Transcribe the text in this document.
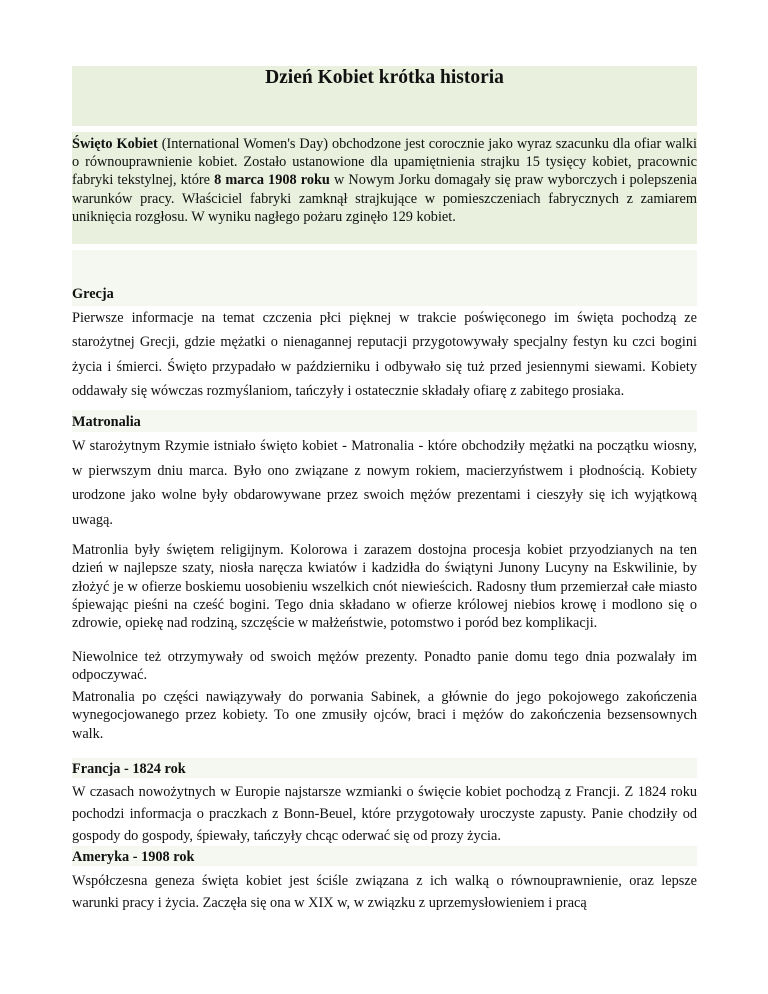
Dzień Kobiet krótka historia

Święto Kobiet (International Women's Day) obchodzone jest corocznie jako wyraz szacunku dla ofiar walki o równouprawnienie kobiet. Zostało ustanowione dla upamiętnienia strajku 15 tysięcy kobiet, pracownic fabryki tekstylnej, które 8 marca 1908 roku w Nowym Jorku domagały się praw wyborczych i polepszenia warunków pracy. Właściciel fabryki zamknął strajkujące w pomieszczeniach fabrycznych z zamiarem uniknięcia rozgłosu. W wyniku nagłego pożaru zginęło 129 kobiet.

Grecja

Pierwsze informacje na temat czczenia płci pięknej w trakcie poświęconego im święta pochodzą ze starożytnej Grecji, gdzie mężatki o nienagannej reputacji przygotowywały specjalny festyn ku czci bogini życia i śmierci. Święto przypadało w październiku i odbywało się tuż przed jesiennymi siewami. Kobiety oddawały się wówczas rozmyślaniom, tańczyły i ostatecznie składały ofiarę z zabitego prosiaka.

Matronalia

W starożytnym Rzymie istniało święto kobiet - Matronalia - które obchodziły mężatki na początku wiosny, w pierwszym dniu marca. Było ono związane z nowym rokiem, macierzyństwem i płodnością. Kobiety urodzone jako wolne były obdarowywane przez swoich mężów prezentami i cieszyły się ich wyjątkową uwagą.

Matronlia były świętem religijnym. Kolorowa i zarazem dostojna procesja kobiet przyodzianych na ten dzień w najlepsze szaty, niosła naręcza kwiatów i kadzidła do świątyni Junony Lucyny na Eskwilinie, by złożyć je w ofierze boskiemu uosobieniu wszelkich cnót niewieścich. Radosny tłum przemierzał całe miasto śpiewając pieśni na cześć bogini. Tego dnia składano w ofierze królowej niebios krowę i modlono się o zdrowie, opiekę nad rodziną, szczęście w małżeństwie, potomstwo i poród bez komplikacji.

Niewolnice też otrzymywały od swoich mężów prezenty. Ponadto panie domu tego dnia pozwalały im odpoczywać.

Matronalia po części nawiązywały do porwania Sabinek, a głównie do jego pokojowego zakończenia wynegocjowanego przez kobiety. To one zmusiły ojców, braci i mężów do zakończenia bezsensownych walk.

Francja - 1824 rok

W czasach nowożytnych w Europie najstarsze wzmianki o święcie kobiet pochodzą z Francji. Z 1824 roku pochodzi informacja o praczkach z Bonn-Beuel, które przygotowały uroczyste zapusty. Panie chodziły od gospody do gospody, śpiewały, tańczyły chcąc oderwać się od prozy życia.

Ameryka - 1908 rok

Współczesna geneza święta kobiet jest ściśle związana z ich walką o równouprawnienie, oraz lepsze warunki pracy i życia. Zaczęła się ona w XIX w, w związku z uprzemysłowieniem i pracą
